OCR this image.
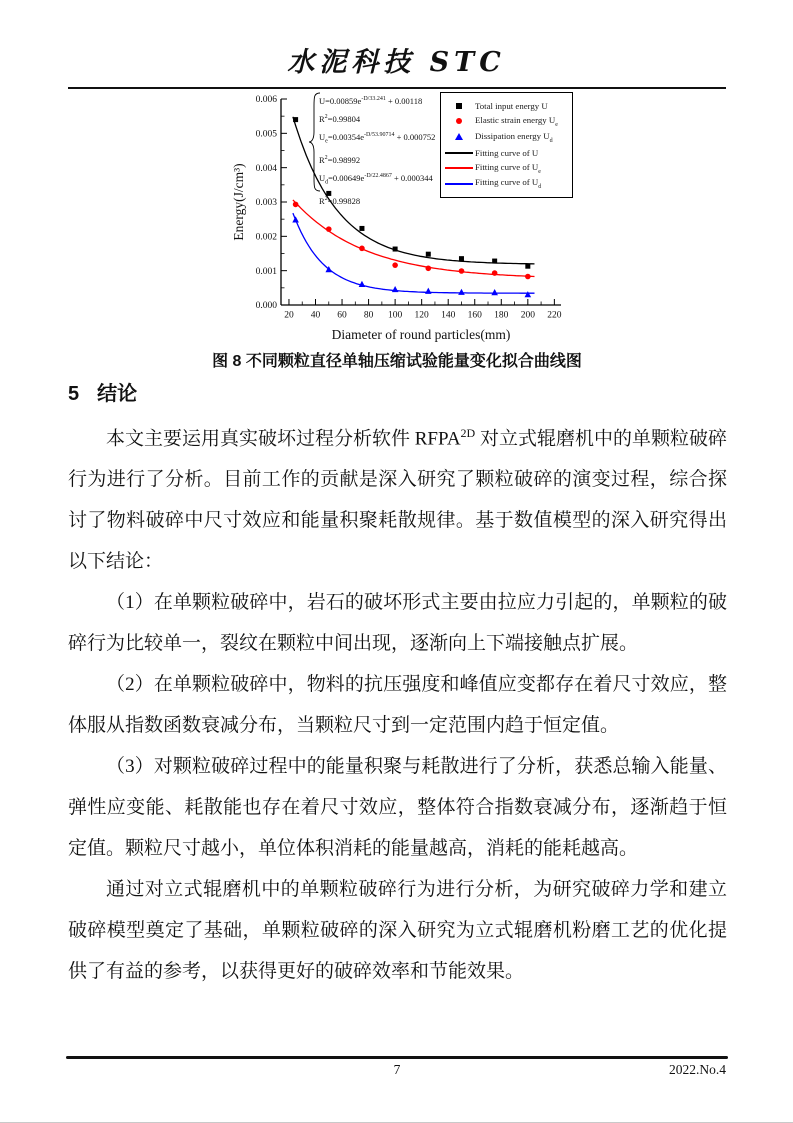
水泥科技 STC
20 40 60 80 100 120 140 160 180 200 220
0.000
0.001
0.002
0.003
0.004
0.005
0.006
Diameter of round particles(mm)
Energy(J/cm³)
$U=0.00859e^{-D/33.241} + 0.00118$
$R^2=0.99804$
$U_e=0.00354e^{-D/53.90714} + 0.000752$
$R^2=0.98992$
$U_d=0.00649e^{-D/22.4867} + 0.000344$
$R^2=0.99828$
Total input energy U
Elastic strain energy $U_e$
Dissipation energy $U_d$
Fitting curve of U
Fitting curve of $U_e$
Fitting curve of $U_d$
图 8 不同颗粒直径单轴压缩试验能量变化拟合曲线图
5 结论

本文主要运用真实破坏过程分析软件 $RFPA^{2D}$ 对立式辊磨机中的单颗粒破碎行为进行了分析。目前工作的贡献是深入研究了颗粒破碎的演变过程，综合探讨了物料破碎中尺寸效应和能量积聚耗散规律。基于数值模型的深入研究得出以下结论：

（1）在单颗粒破碎中，岩石的破坏形式主要由拉应力引起的，单颗粒的破碎行为比较单一，裂纹在颗粒中间出现，逐渐向上下端接触点扩展。

（2）在单颗粒破碎中，物料的抗压强度和峰值应变都存在着尺寸效应，整体服从指数函数衰减分布，当颗粒尺寸到一定范围内趋于恒定值。

（3）对颗粒破碎过程中的能量积聚与耗散进行了分析，获悉总输入能量、弹性应变能、耗散能也存在着尺寸效应，整体符合指数衰减分布，逐渐趋于恒定值。颗粒尺寸越小，单位体积消耗的能量越高，消耗的能耗越高。

通过对立式辊磨机中的单颗粒破碎行为进行分析，为研究破碎力学和建立破碎模型奠定了基础，单颗粒破碎的深入研究为立式辊磨机粉磨工艺的优化提供了有益的参考，以获得更好的破碎效率和节能效果。

7	2022.No.4
